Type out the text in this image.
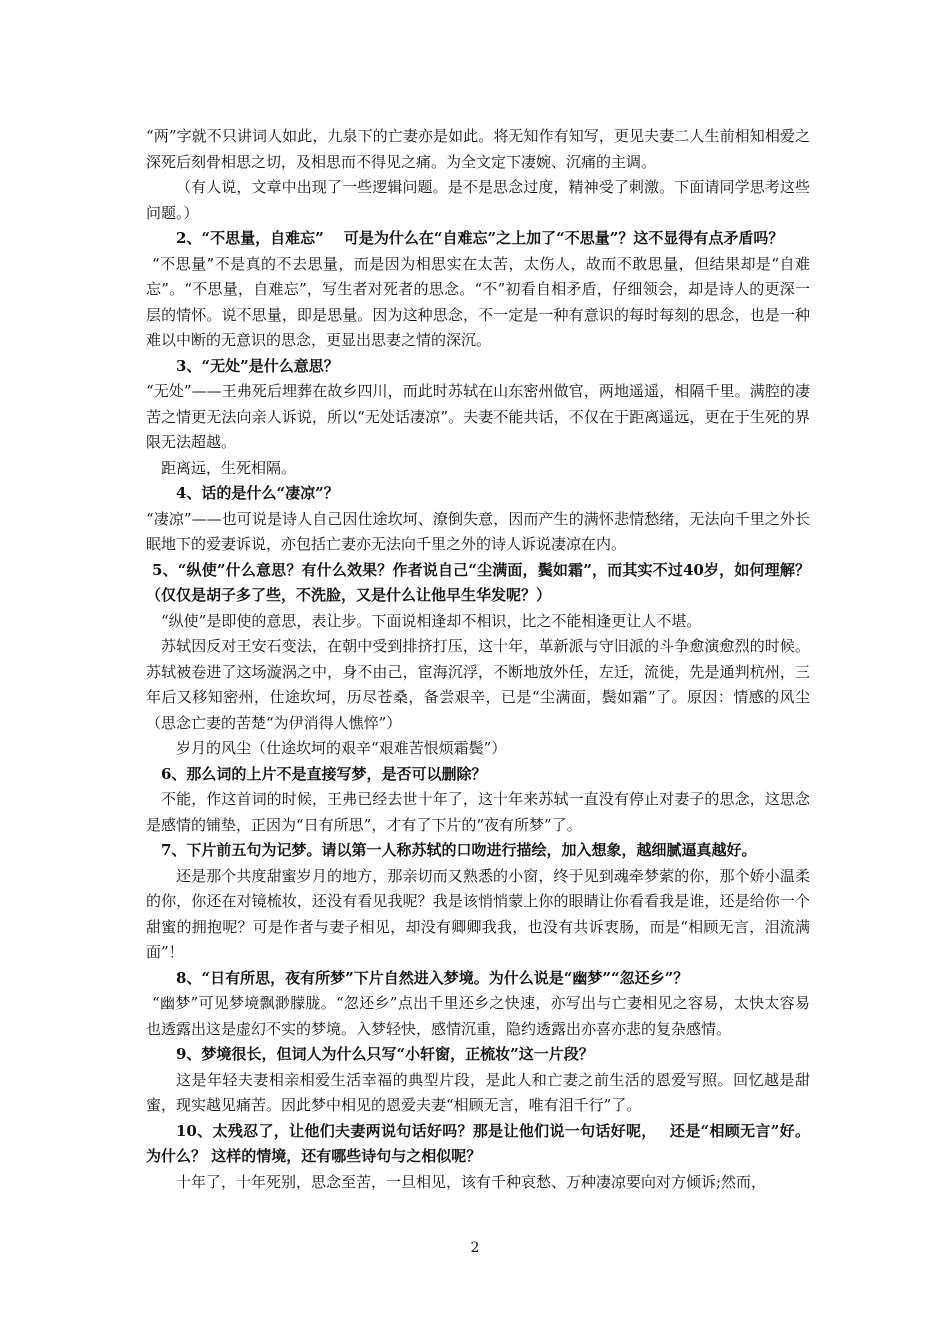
“两”字就不只讲词人如此，九泉下的亡妻亦是如此。将无知作有知写，更见夫妻二人生前相知相爱之深死后刻骨相思之切，及相思而不得见之痛。为全文定下凄婉、沉痛的主调。

（有人说，文章中出现了一些逻辑问题。是不是思念过度，精神受了刺激。下面请同学思考这些问题。）

2、“不思量，自难忘”　 可是为什么在“自难忘”之上加了“不思量”？这不显得有点矛盾吗？

“不思量”不是真的不去思量，而是因为相思实在太苦，太伤人，故而不敢思量，但结果却是“自难忘”。“不思量，自难忘”，写生者对死者的思念。“不”初看自相矛盾，仔细领会，却是诗人的更深一层的情怀。说不思量，即是思量。因为这种思念，不一定是一种有意识的每时每刻的思念，也是一种难以中断的无意识的思念，更显出思妻之情的深沉。

3、“无处”是什么意思？

“无处”——王弗死后埋葬在故乡四川，而此时苏轼在山东密州做官，两地遥遥，相隔千里。满腔的凄苦之情更无法向亲人诉说，所以“无处话凄凉”。夫妻不能共话，不仅在于距离遥远，更在于生死的界限无法超越。

距离远，生死相隔。

4、话的是什么“凄凉”？

“凄凉”——也可说是诗人自己因仕途坎坷、潦倒失意，因而产生的满怀悲情愁绪，无法向千里之外长眠地下的爱妻诉说，亦包括亡妻亦无法向千里之外的诗人诉说凄凉在内。

5、“纵使”什么意思？有什么效果？作者说自己“尘满面，鬓如霜”，而其实不过40岁，如何理解？（仅仅是胡子多了些，不洗脸，又是什么让他早生华发呢？）

“纵使”是即使的意思，表让步。下面说相逢却不相识，比之不能相逢更让人不堪。

苏轼因反对王安石变法，在朝中受到排挤打压，这十年，革新派与守旧派的斗争愈演愈烈的时候。苏轼被卷进了这场漩涡之中，身不由己，宦海沉浮，不断地放外任，左迁，流徙，先是通判杭州，三年后又移知密州，仕途坎坷，历尽苍桑，备尝艰辛，已是“尘满面，鬓如霜”了。原因：情感的风尘（思念亡妻的苦楚“为伊消得人憔悴”）

岁月的风尘（仕途坎坷的艰辛“艰难苦恨烦霜鬓”）

6、那么词的上片不是直接写梦，是否可以删除？

不能，作这首词的时候，王弗已经去世十年了，这十年来苏轼一直没有停止对妻子的思念，这思念是感情的铺垫，正因为“日有所思”，才有了下片的“夜有所梦”了。

7、下片前五句为记梦。请以第一人称苏轼的口吻进行描绘，加入想象，越细腻逼真越好。

还是那个共度甜蜜岁月的地方，那亲切而又熟悉的小窗，终于见到魂牵梦萦的你，那个娇小温柔的你，你还在对镜梳妆，还没有看见我呢？我是该悄悄蒙上你的眼睛让你看看我是谁，还是给你一个甜蜜的拥抱呢？可是作者与妻子相见，却没有卿卿我我，也没有共诉衷肠，而是“相顾无言，泪流满面”！

8、“日有所思，夜有所梦”下片自然进入梦境。为什么说是“幽梦”“忽还乡”？

“幽梦”可见梦境飘渺朦胧。“忽还乡”点出千里还乡之快速，亦写出与亡妻相见之容易，太快太容易也透露出这是虚幻不实的梦境。入梦轻快，感情沉重，隐约透露出亦喜亦悲的复杂感情。

9、梦境很长，但词人为什么只写“小轩窗，正梳妆”这一片段？

这是年轻夫妻相亲相爱生活幸福的典型片段，是此人和亡妻之前生活的恩爱写照。回忆越是甜蜜，现实越见痛苦。因此梦中相见的恩爱夫妻“相顾无言，唯有泪千行”了。

10、太残忍了，让他们夫妻两说句话好吗？那是让他们说一句话好呢，　 还是“相顾无言”好。为什么？ 这样的情境，还有哪些诗句与之相似呢？

十年了，十年死别，思念至苦，一旦相见，该有千种哀愁、万种凄凉要向对方倾诉;然而，

2
